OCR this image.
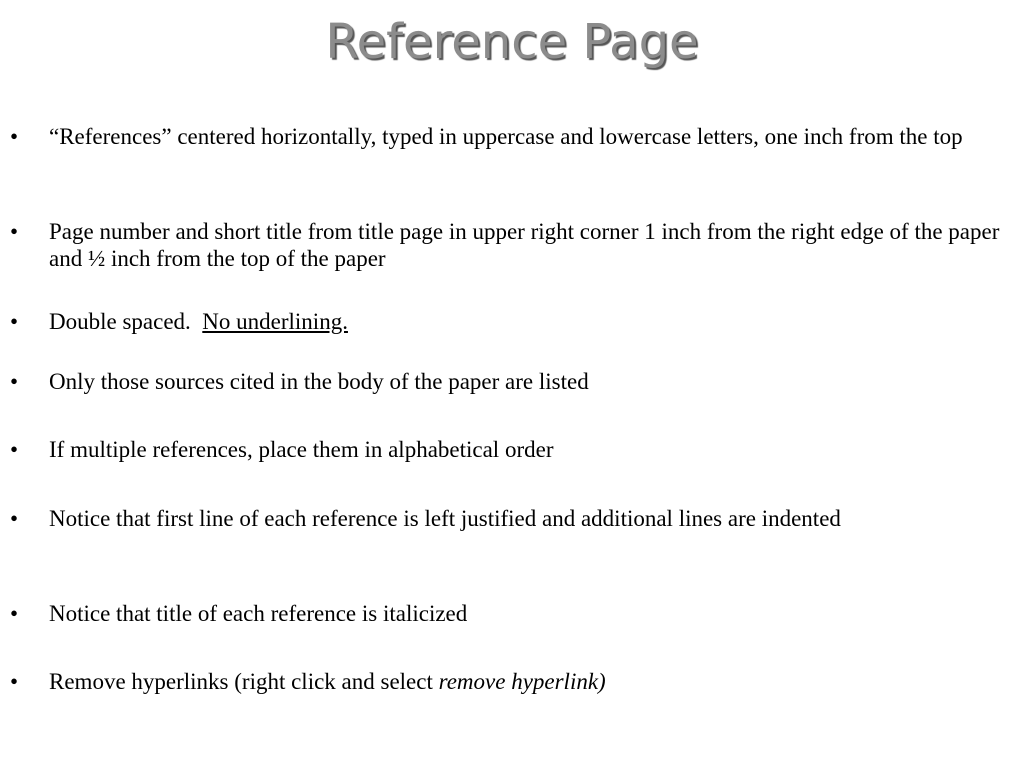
Reference Page
•	“References” centered horizontally, typed in uppercase and lowercase letters, one inch from the top
•	Page number and short title from title page in upper right corner 1 inch from the right edge of the paper and ½ inch from the top of the paper
•	Double spaced. No underlining.
•	Only those sources cited in the body of the paper are listed
•	If multiple references, place them in alphabetical order
•	Notice that first line of each reference is left justified and additional lines are indented
•	Notice that title of each reference is italicized
•	Remove hyperlinks (right click and select remove hyperlink)
